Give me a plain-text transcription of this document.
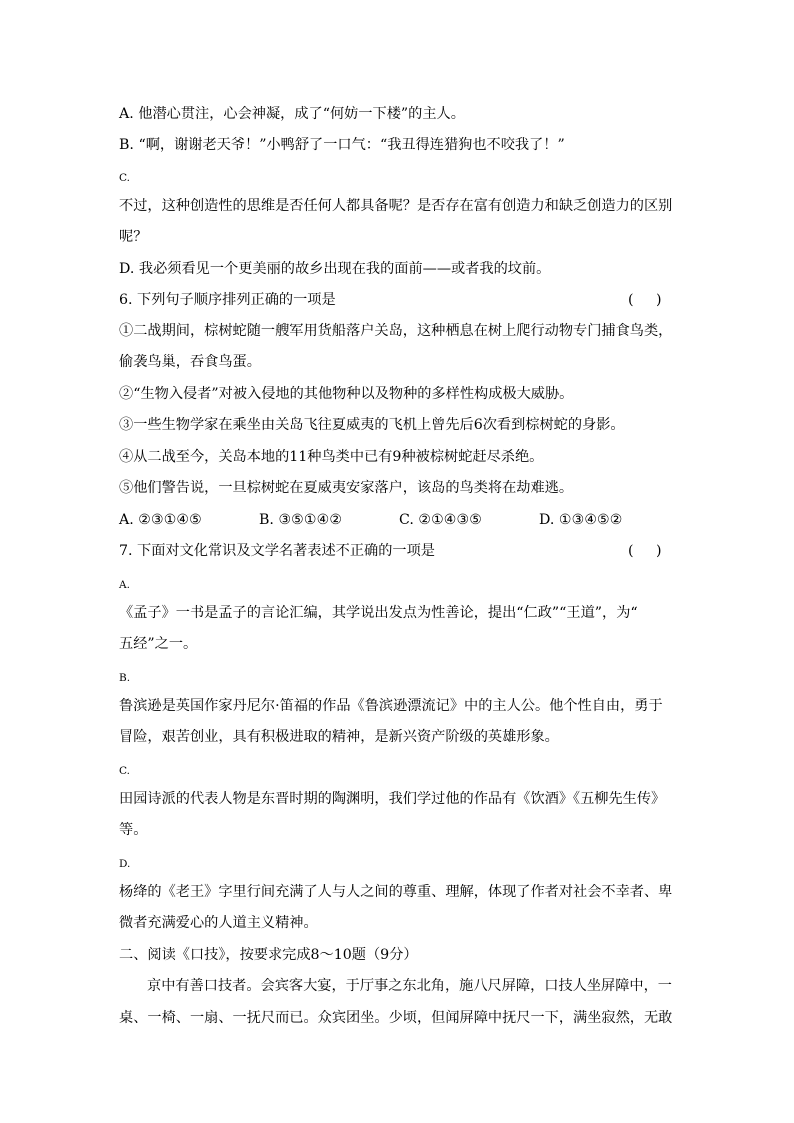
A. 他潜心贯注，心会神凝，成了“何妨一下楼”的主人。
B. “啊，谢谢老天爷！”小鸭舒了一口气：“我丑得连猎狗也不咬我了！”
C.
不过，这种创造性的思维是否任何人都具备呢？是否存在富有创造力和缺乏创造力的区别
呢？
D. 我必须看见一个更美丽的故乡出现在我的面前——或者我的坟前。
6. 下列句子顺序排列正确的一项是	( )
①二战期间，棕树蛇随一艘军用货船落户关岛，这种栖息在树上爬行动物专门捕食鸟类，
偷袭鸟巢，吞食鸟蛋。
②“生物入侵者”对被入侵地的其他物种以及物种的多样性构成极大威胁。
③一些生物学家在乘坐由关岛飞往夏威夷的飞机上曾先后6次看到棕树蛇的身影。
④从二战至今，关岛本地的11种鸟类中已有9种被棕树蛇赶尽杀绝。
⑤他们警告说，一旦棕树蛇在夏威夷安家落户，该岛的鸟类将在劫难逃。
A. ②③①④⑤	B. ③⑤①④②	C. ②①④③⑤	D. ①③④⑤②
7. 下面对文化常识及文学名著表述不正确的一项是	( )
A.
《孟子》一书是孟子的言论汇编，其学说出发点为性善论，提出“仁政”“王道”，为“
五经”之一。
B.
鲁滨逊是英国作家丹尼尔·笛福的作品《鲁滨逊漂流记》中的主人公。他个性自由，勇于
冒险，艰苦创业，具有积极进取的精神，是新兴资产阶级的英雄形象。
C.
田园诗派的代表人物是东晋时期的陶渊明，我们学过他的作品有《饮酒》《五柳先生传》
等。
D.
杨绛的《老王》字里行间充满了人与人之间的尊重、理解，体现了作者对社会不幸者、卑
微者充满爱心的人道主义精神。
二、阅读《口技》，按要求完成8～10题（9分）
京中有善口技者。会宾客大宴，于厅事之东北角，施八尺屏障，口技人坐屏障中，一
桌、一椅、一扇、一抚尺而已。众宾团坐。少顷，但闻屏障中抚尺一下，满坐寂然，无敢
